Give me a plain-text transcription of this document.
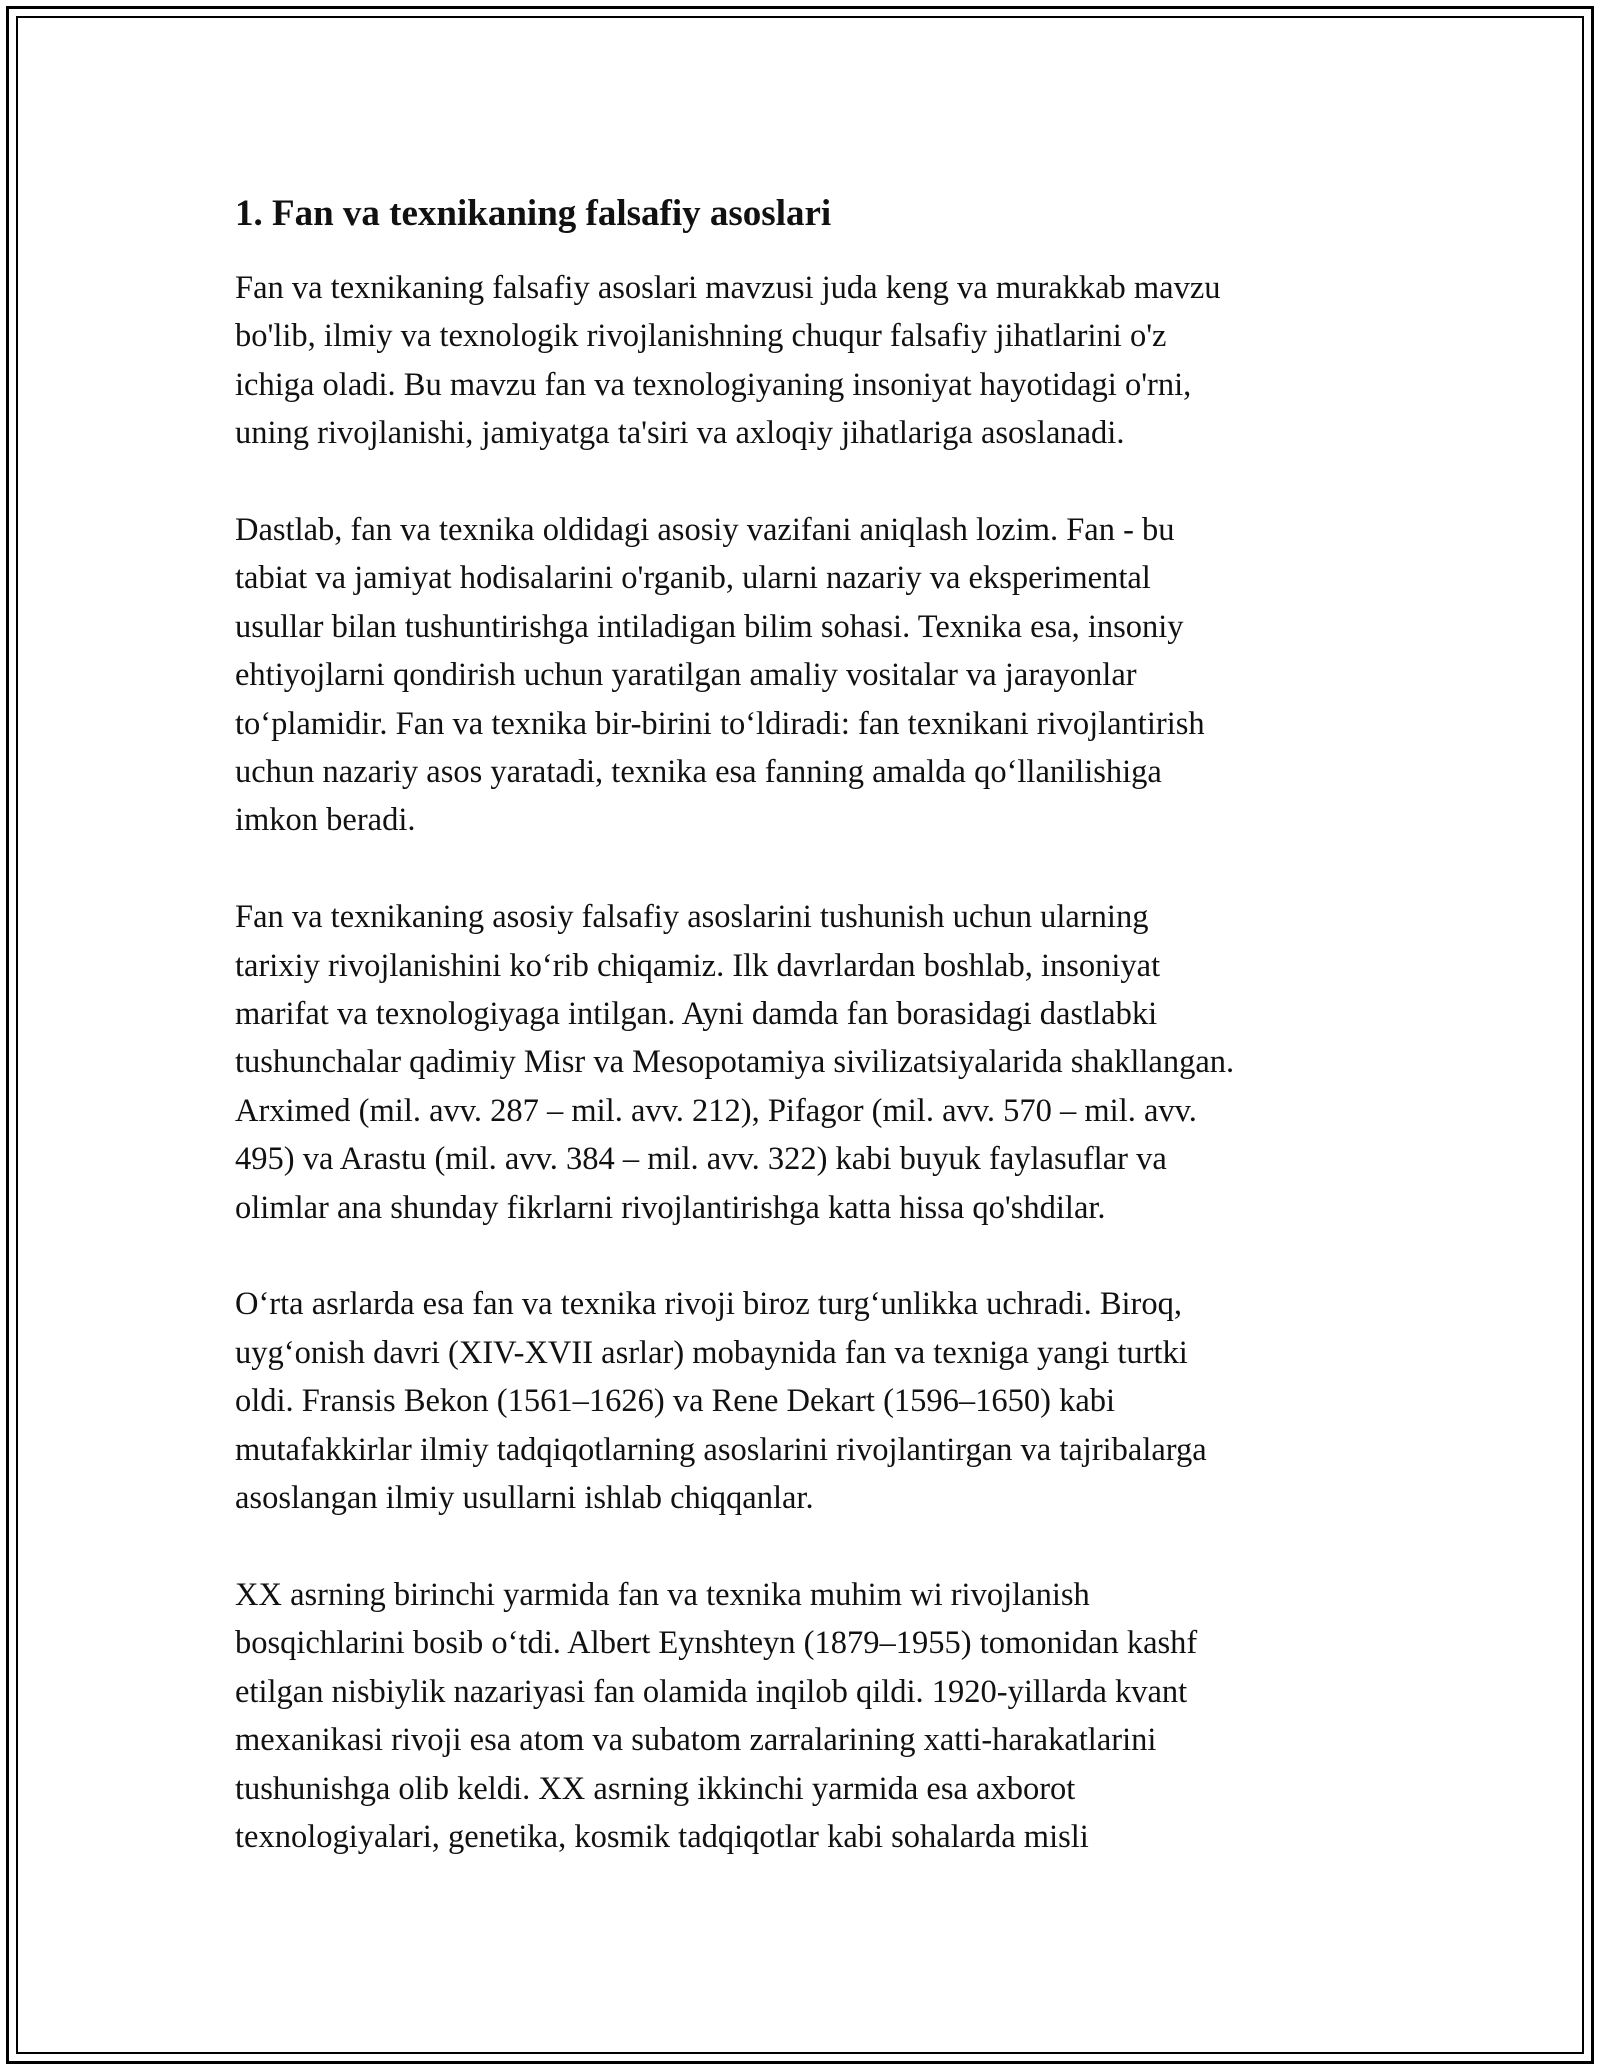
1. Fan va texnikaning falsafiy asoslari

Fan va texnikaning falsafiy asoslari mavzusi juda keng va murakkab mavzu
bo'lib, ilmiy va texnologik rivojlanishning chuqur falsafiy jihatlarini o'z
ichiga oladi. Bu mavzu fan va texnologiyaning insoniyat hayotidagi o'rni,
uning rivojlanishi, jamiyatga ta'siri va axloqiy jihatlariga asoslanadi.

Dastlab, fan va texnika oldidagi asosiy vazifani aniqlash lozim. Fan - bu
tabiat va jamiyat hodisalarini o'rganib, ularni nazariy va eksperimental
usullar bilan tushuntirishga intiladigan bilim sohasi. Texnika esa, insoniy
ehtiyojlarni qondirish uchun yaratilgan amaliy vositalar va jarayonlar
to‘plamidir. Fan va texnika bir-birini to‘ldiradi: fan texnikani rivojlantirish
uchun nazariy asos yaratadi, texnika esa fanning amalda qo‘llanilishiga
imkon beradi.

Fan va texnikaning asosiy falsafiy asoslarini tushunish uchun ularning
tarixiy rivojlanishini ko‘rib chiqamiz. Ilk davrlardan boshlab, insoniyat
marifat va texnologiyaga intilgan. Ayni damda fan borasidagi dastlabki
tushunchalar qadimiy Misr va Mesopotamiya sivilizatsiyalarida shakllangan.
Arximed (mil. avv. 287 – mil. avv. 212), Pifagor (mil. avv. 570 – mil. avv.
495) va Arastu (mil. avv. 384 – mil. avv. 322) kabi buyuk faylasuflar va
olimlar ana shunday fikrlarni rivojlantirishga katta hissa qo'shdilar.

O‘rta asrlarda esa fan va texnika rivoji biroz turg‘unlikka uchradi. Biroq,
uyg‘onish davri (XIV-XVII asrlar) mobaynida fan va texniga yangi turtki
oldi. Fransis Bekon (1561–1626) va Rene Dekart (1596–1650) kabi
mutafakkirlar ilmiy tadqiqotlarning asoslarini rivojlantirgan va tajribalarga
asoslangan ilmiy usullarni ishlab chiqqanlar.

XX asrning birinchi yarmida fan va texnika muhim wi rivojlanish
bosqichlarini bosib o‘tdi. Albert Eynshteyn (1879–1955) tomonidan kashf
etilgan nisbiylik nazariyasi fan olamida inqilob qildi. 1920-yillarda kvant
mexanikasi rivoji esa atom va subatom zarralarining xatti-harakatlarini
tushunishga olib keldi. XX asrning ikkinchi yarmida esa axborot
texnologiyalari, genetika, kosmik tadqiqotlar kabi sohalarda misli
